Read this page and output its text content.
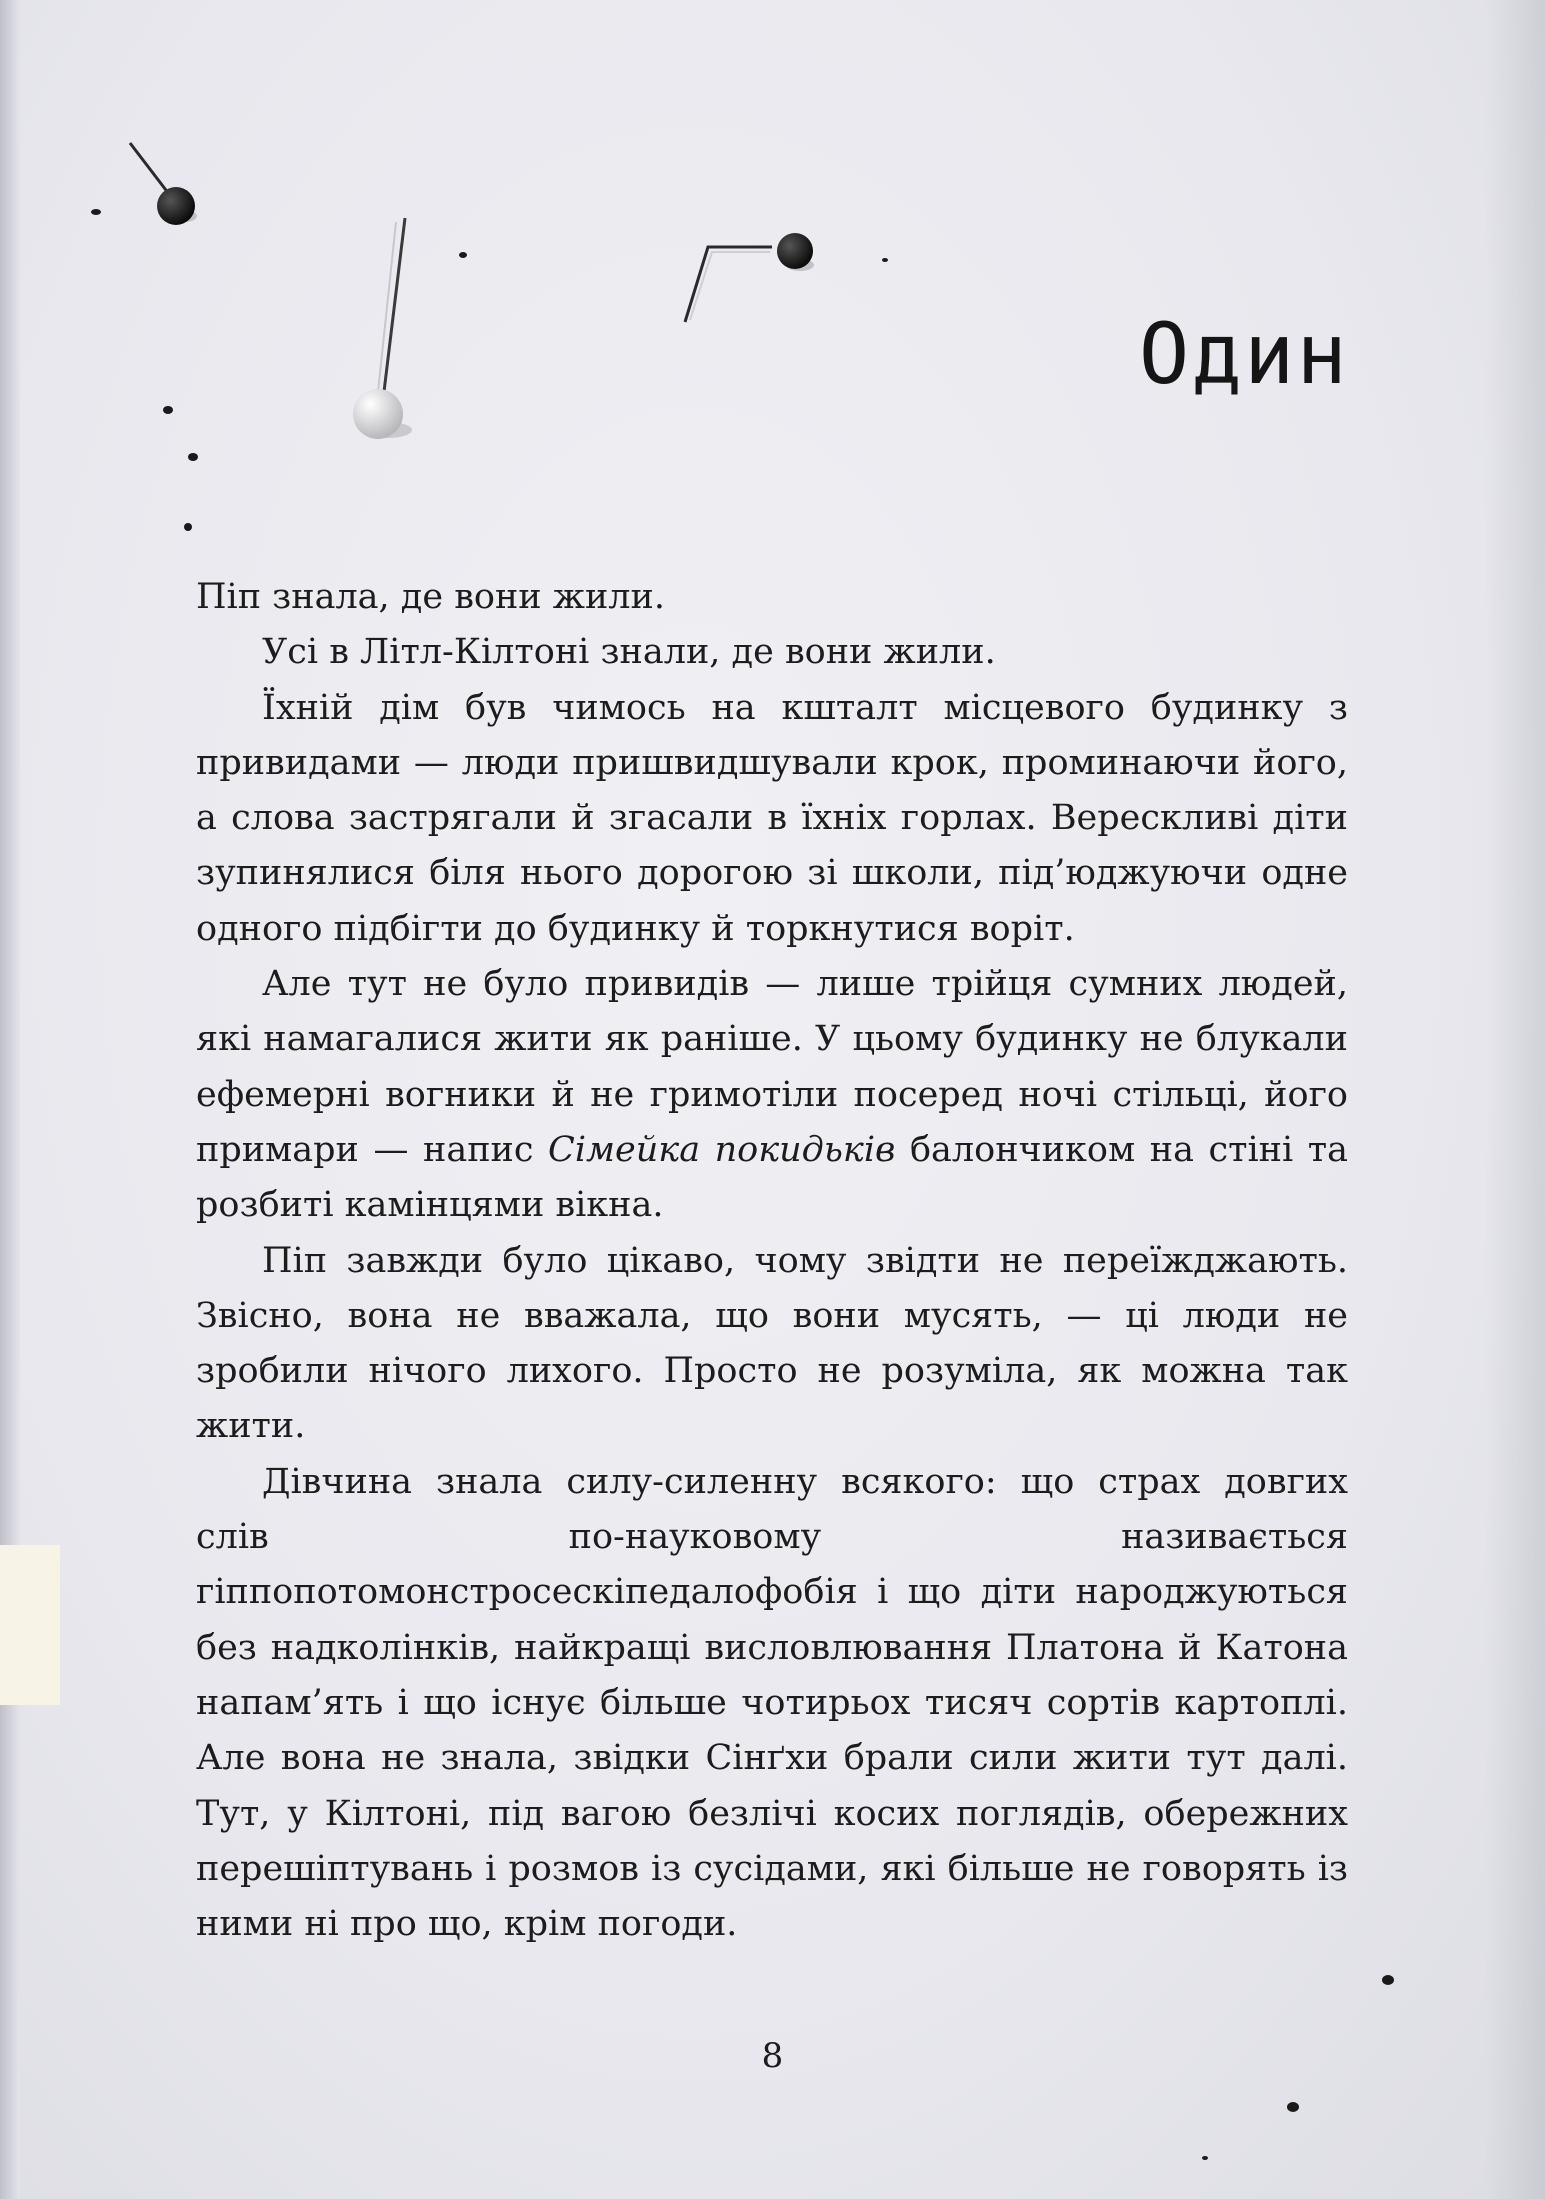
Один

Піп знала, де вони жили.

Усі в Літл-Кілтоні знали, де вони жили.

Їхній дім був чимось на кшталт місцевого будинку з привидами — люди пришвидшували крок, проминаючи його, а слова застрягали й згасали в їхніх горлах. Верескливі діти зупинялися біля нього дорогою зі школи, під’юджуючи одне одного підбігти до будинку й торкнутися воріт.

Але тут не було привидів — лише трійця сумних людей, які намагалися жити як раніше. У цьому будинку не блукали ефемерні вогники й не гримотіли посеред ночі стільці, його примари — напис Сімейка покидьків балончиком на стіні та розбиті камінцями вікна.

Піп завжди було цікаво, чому звідти не переїжджають. Звісно, вона не вважала, що вони мусять, — ці люди не зробили нічого лихого. Просто не розуміла, як можна так жити.

Дівчина знала силу-силенну всякого: що страх довгих слів по-науковому називається гіппопотомонстросескіпедалофобія і що діти народжуються без надколінків, найкращі висловлювання Платона й Катона напам’ять і що існує більше чотирьох тисяч сортів картоплі. Але вона не знала, звідки Сінґхи брали сили жити тут далі. Тут, у Кілтоні, під вагою безлічі косих поглядів, обережних перешіптувань і розмов із сусідами, які більше не говорять із ними ні про що, крім погоди.

8
